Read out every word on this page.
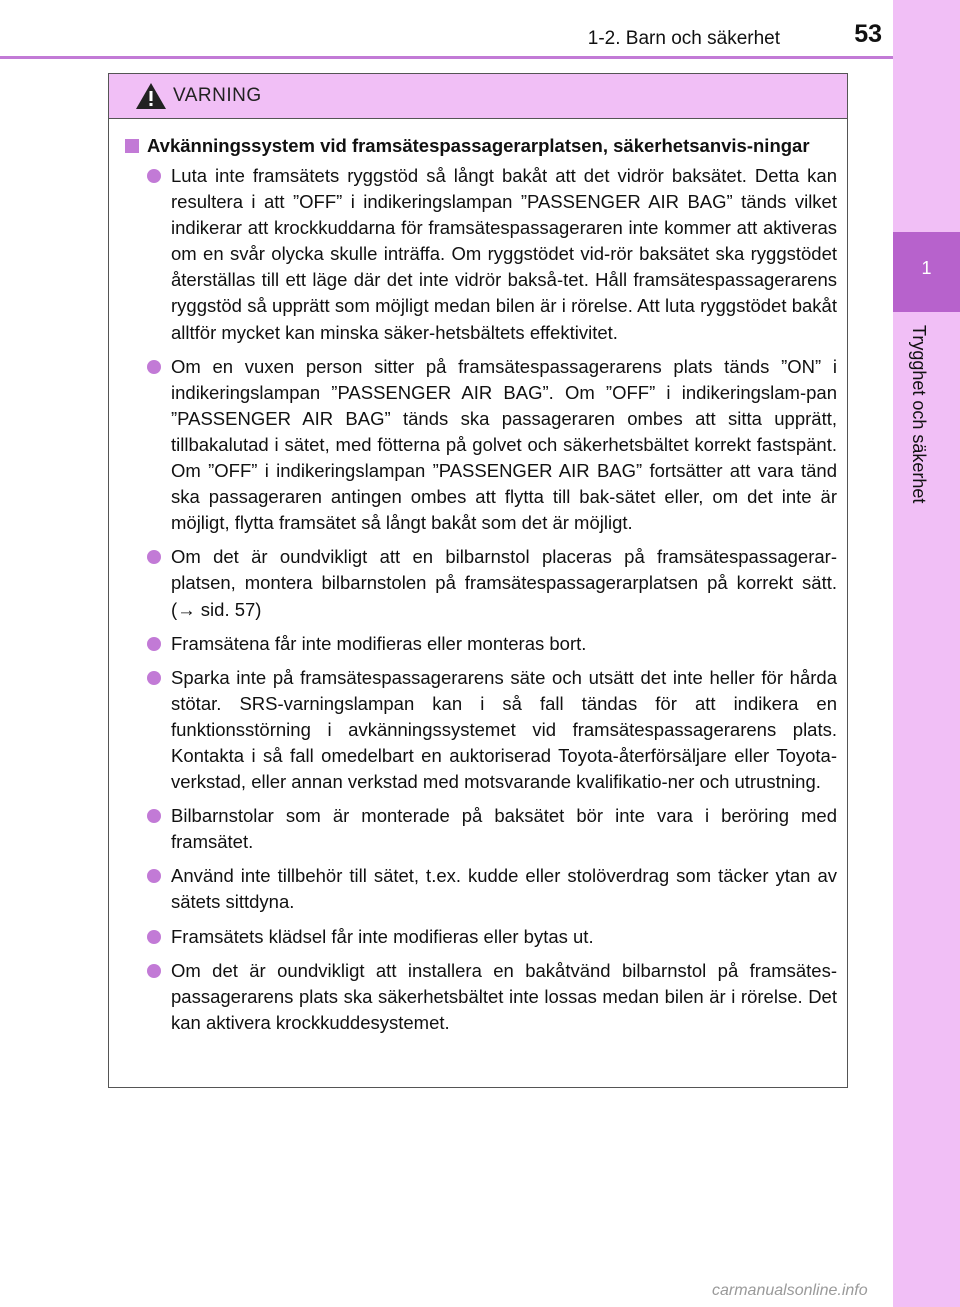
1-2. Barn och säkerhet	53
1
Trygghet och säkerhet
VARNING
Avkänningssystem vid framsätespassagerarplatsen, säkerhetsanvis-ningar
Luta inte framsätets ryggstöd så långt bakåt att det vidrör baksätet. Detta kan resultera i att ”OFF” i indikeringslampan ”PASSENGER AIR BAG” tänds vilket indikerar att krockkuddarna för framsätespassageraren inte kommer att aktiveras om en svår olycka skulle inträffa. Om ryggstödet vid-rör baksätet ska ryggstödet återställas till ett läge där det inte vidrör bakså-tet. Håll framsätespassagerarens ryggstöd så upprätt som möjligt medan bilen är i rörelse. Att luta ryggstödet bakåt alltför mycket kan minska säker-hetsbältets effektivitet.
Om en vuxen person sitter på framsätespassagerarens plats tänds ”ON” i indikeringslampan ”PASSENGER AIR BAG”. Om ”OFF” i indikeringslam-pan ”PASSENGER AIR BAG” tänds ska passageraren ombes att sitta upprätt, tillbakalutad i sätet, med fötterna på golvet och säkerhetsbältet korrekt fastspänt. Om ”OFF” i indikeringslampan ”PASSENGER AIR BAG” fortsätter att vara tänd ska passageraren antingen ombes att flytta till bak-sätet eller, om det inte är möjligt, flytta framsätet så långt bakåt som det är möjligt.
Om det är oundvikligt att en bilbarnstol placeras på framsätespassagerar-platsen, montera bilbarnstolen på framsätespassagerarplatsen på korrekt sätt. (→ sid. 57)
Framsätena får inte modifieras eller monteras bort.
Sparka inte på framsätespassagerarens säte och utsätt det inte heller för hårda stötar. SRS-varningslampan kan i så fall tändas för att indikera en funktionsstörning i avkänningssystemet vid framsätespassagerarens plats. Kontakta i så fall omedelbart en auktoriserad Toyota-återförsäljare eller Toyota-verkstad, eller annan verkstad med motsvarande kvalifikatio-ner och utrustning.
Bilbarnstolar som är monterade på baksätet bör inte vara i beröring med framsätet.
Använd inte tillbehör till sätet, t.ex. kudde eller stolöverdrag som täcker ytan av sätets sittdyna.
Framsätets klädsel får inte modifieras eller bytas ut.
Om det är oundvikligt att installera en bakåtvänd bilbarnstol på framsätes-passagerarens plats ska säkerhetsbältet inte lossas medan bilen är i rörelse. Det kan aktivera krockkuddesystemet.
carmanualsonline.info
